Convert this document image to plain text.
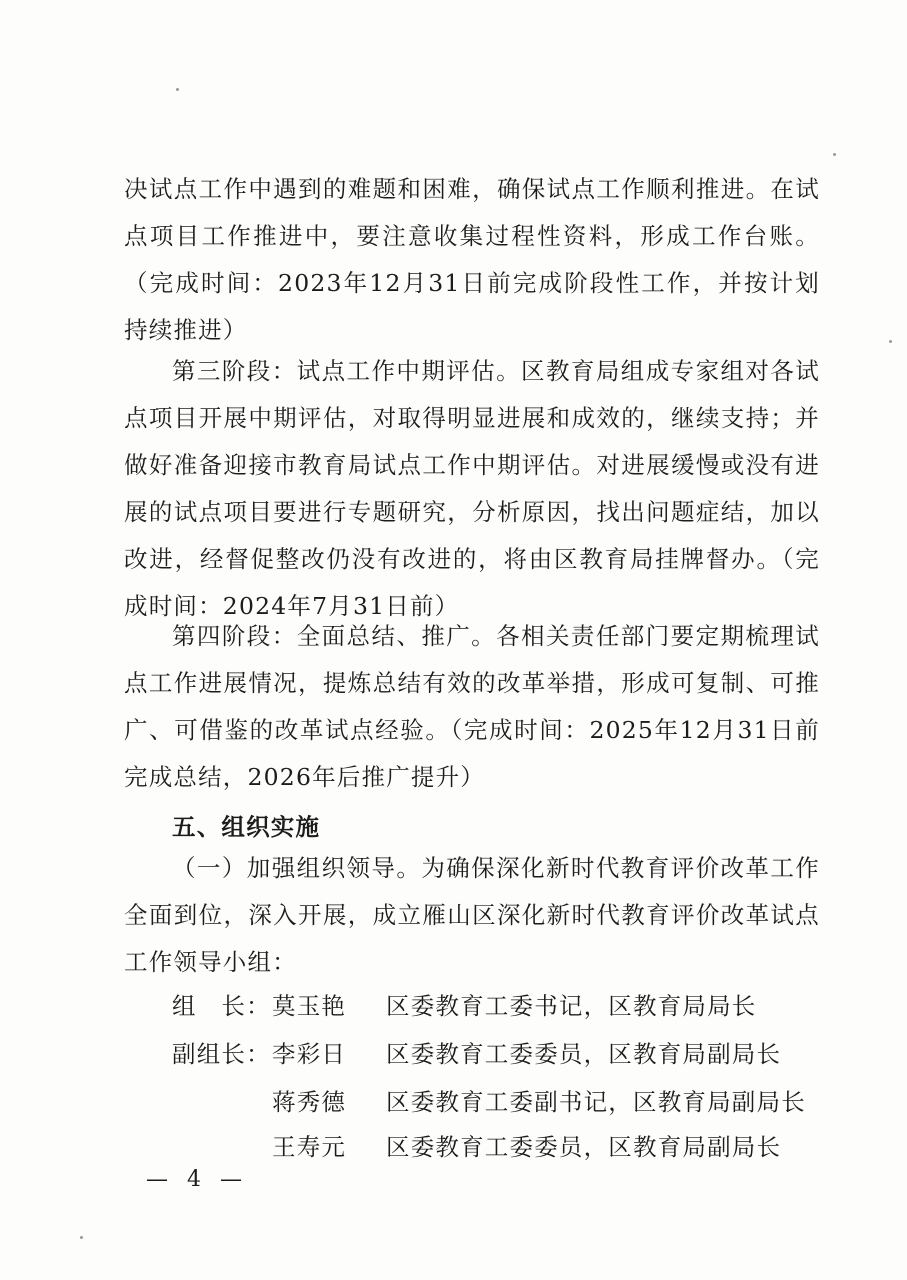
决试点工作中遇到的难题和困难，确保试点工作顺利推进。在试点项目工作推进中，要注意收集过程性资料，形成工作台账。（完成时间：2023年12月31日前完成阶段性工作，并按计划持续推进）

第三阶段：试点工作中期评估。区教育局组成专家组对各试点项目开展中期评估，对取得明显进展和成效的，继续支持；并做好准备迎接市教育局试点工作中期评估。对进展缓慢或没有进展的试点项目要进行专题研究，分析原因，找出问题症结，加以改进，经督促整改仍没有改进的，将由区教育局挂牌督办。（完成时间：2024年7月31日前）

第四阶段：全面总结、推广。各相关责任部门要定期梳理试点工作进展情况，提炼总结有效的改革举措，形成可复制、可推广、可借鉴的改革试点经验。（完成时间：2025年12月31日前完成总结，2026年后推广提升）

五、组织实施

（一）加强组织领导。为确保深化新时代教育评价改革工作全面到位，深入开展，成立雁山区深化新时代教育评价改革试点工作领导小组：

组　长： 莫玉艳	区委教育工委书记，区教育局局长
副组长： 李彩日	区委教育工委委员，区教育局副局长
蒋秀德	区委教育工委副书记，区教育局副局长
王寿元	区委教育工委委员，区教育局副局长
— 4 —
